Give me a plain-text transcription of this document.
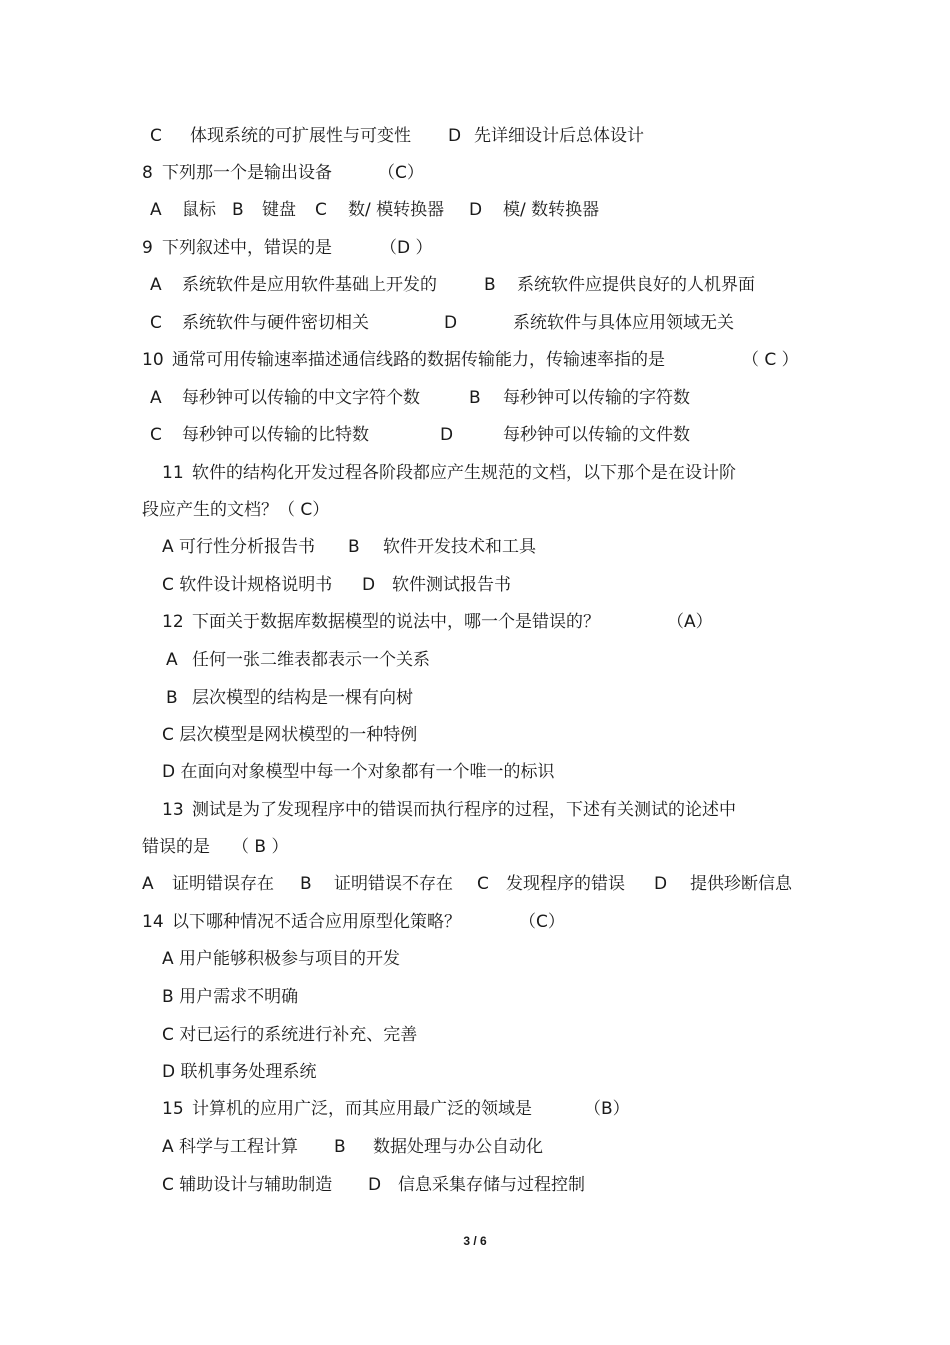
C 体现系统的可扩展性与可变性 D 先详细设计后总体设计
8 下列那一个是输出设备	（C）
A 鼠标 B 键盘 C 数/ 模转换器 D 模/ 数转换器
9 下列叙述中，错误的是	（D ）
A 系统软件是应用软件基础上开发的	B 系统软件应提供良好的人机界面
C 系统软件与硬件密切相关	D	系统软件与具体应用领域无关
10 通常可用传输速率描述通信线路的数据传输能力，传输速率指的是	（ C ）
A 每秒钟可以传输的中文字符个数	B 每秒钟可以传输的字符数
C 每秒钟可以传输的比特数	D	每秒钟可以传输的文件数
11 软件的结构化开发过程各阶段都应产生规范的文档，以下那个是在设计阶
段应产生的文档？（ C）
A 可行性分析报告书 B 软件开发技术和工具
C 软件设计规格说明书 D 软件测试报告书
12 下面关于数据库数据模型的说法中，哪一个是错误的？	（A）
A 任何一张二维表都表示一个关系
B 层次模型的结构是一棵有向树
C 层次模型是网状模型的一种特例
D 在面向对象模型中每一个对象都有一个唯一的标识
13 测试是为了发现程序中的错误而执行程序的过程，下述有关测试的论述中
错误的是 （ B ）
A 证明错误存在 B 证明错误不存在 C 发现程序的错误 D 提供珍断信息
14 以下哪种情况不适合应用原型化策略？	（C）
A 用户能够积极参与项目的开发
B 用户需求不明确
C 对已运行的系统进行补充、完善
D 联机事务处理系统
15 计算机的应用广泛，而其应用最广泛的领域是	（B）
A 科学与工程计算 B 数据处理与办公自动化
C 辅助设计与辅助制造 D 信息采集存储与过程控制
3 / 6
